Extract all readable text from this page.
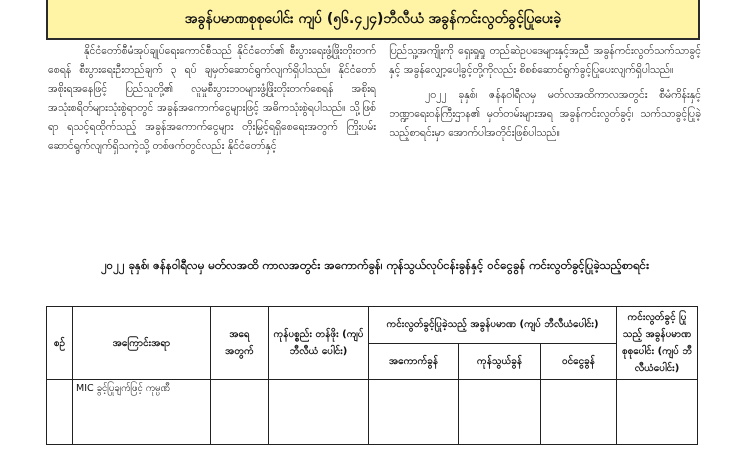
အခွန်ပမာဏစုစုပေါင်း ကျပ် (၅၆.၄၂၄)ဘီလီယံ အခွန်ကင်းလွတ်ခွင့်ပြုပေးခဲ့

နိုင်ငံတော်စီမံအုပ်ချုပ်ရေးကောင်စီသည် နိုင်ငံတော်၏ စီးပွားရေးဖွံ့ဖြိုးတိုးတက်စေရန် စီးပွားရေးဦးတည်ချက် ၃ ရပ် ချမှတ်ဆောင်ရွက်လျက်ရှိပါသည်။ နိုင်ငံတော်အစိုးရအနေဖြင့် ပြည်သူတို့၏ လူမှုစီးပွားဘဝများဖွံ့ဖြိုးတိုးတက်စေရန် အစိုးရ အသုံးစရိတ်များသုံးစွဲရာတွင် အခွန်အကောက်ငွေများဖြင့် အဓိကသုံးစွဲရပါသည်။ သို့ဖြစ်ရာ ရသင့်ရထိုက်သည့် အခွန်အကောက်ငွေများ တိုးမြှင့်ရရှိစေရေးအတွက် ကြိုးပမ်း ဆောင်ရွက်လျက်ရှိသကဲ့သို့ တစ်ဖက်တွင်လည်း နိုင်ငံတော်နှင့်

ပြည်သူ့အကျိုးကို ရှေးရှုရှု တည်ဆဲဥပဒေများနှင့်အညီ အခွန်ကင်းလွတ်သက်သာခွင့်နှင့် အခွန်လျှော့ပေါ့ခွင့်တို့ကိုလည်း စိစစ်ဆောင်ရွက်ခွင့်ပြုပေးလျက်ရှိပါသည်။

၂၀၂၂ ခုနှစ်၊ ဇန်နဝါရီလမှ မတ်လအထိကာလအတွင်း စီမံကိန်းနှင့်ဘဏ္ဍာရေးဝန်ကြီးဌာန၏ မှတ်တမ်းများအရ အခွန်ကင်းလွတ်ခွင့်၊ သက်သာခွင့်ပြုခဲ့သည့်စာရင်းမှာ အောက်ပါအတိုင်းဖြစ်ပါသည်။

၂၀၂၂ ခုနှစ်၊ ဇန်နဝါရီလမှ မတ်လအထိ ကာလအတွင်း အကောက်ခွန်၊ ကုန်သွယ်လုပ်ငန်းခွန်နှင့် ဝင်ငွေခွန် ကင်းလွတ်ခွင့်ပြုခဲ့သည့်စာရင်း
စဉ်	အကြောင်းအရာ	အရေ အတွက်	ကုန်ပစ္စည်း တန်ဖိုး (ကျပ်ဘီလီယံ ပေါင်း)	ကင်းလွတ်ခွင့်ပြုခဲ့သည့် အခွန်ပမာဏ (ကျပ် ဘီလီယံပေါင်း)			ကင်းလွတ်ခွင့် ပြုသည့် အခွန်ပမာဏ စုစုပေါင်း (ကျပ် ဘီလီယံပေါင်း)
				အကောက်ခွန်	ကုန်သွယ်ခွန်	ဝင်ငွေခွန်	
	MIC ခွင့်ပြုချက်ဖြင့် ကုမ္ပဏီ						
